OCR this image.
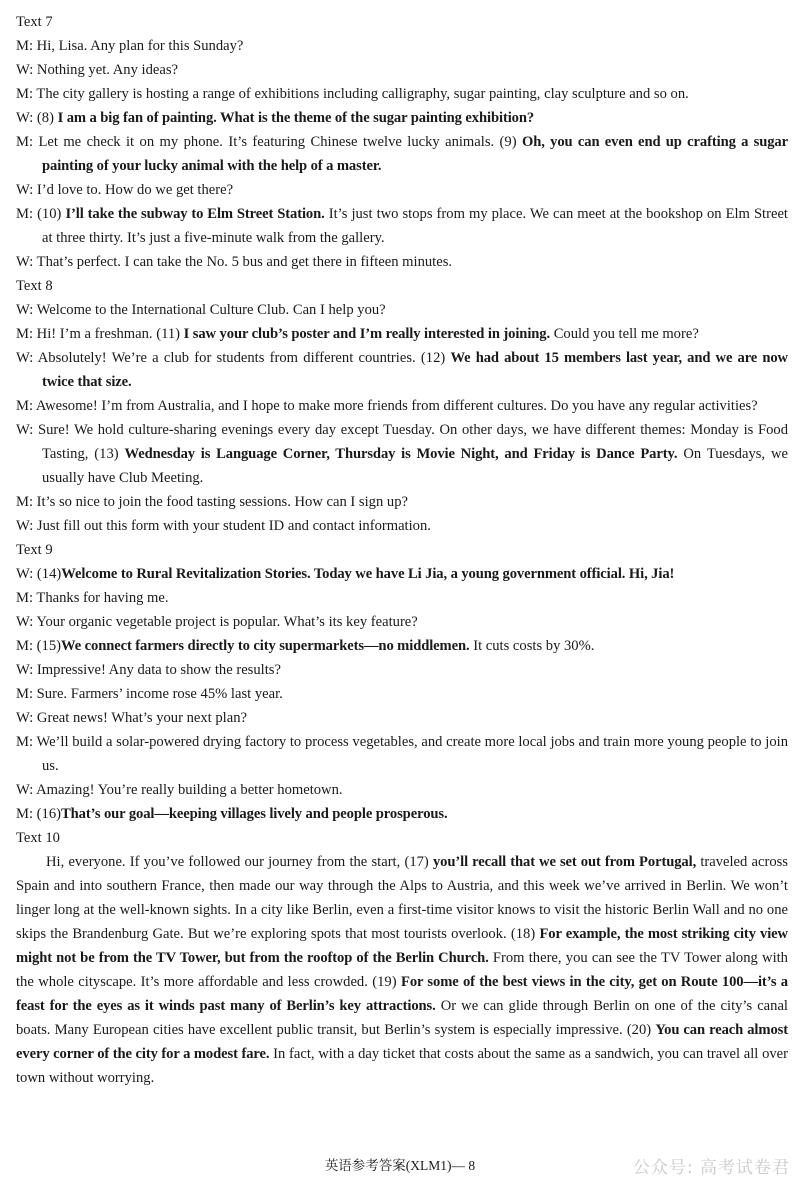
Text 7
M: Hi, Lisa. Any plan for this Sunday?
W: Nothing yet. Any ideas?
M: The city gallery is hosting a range of exhibitions including calligraphy, sugar painting, clay sculpture and so on.
W: (8) I am a big fan of painting. What is the theme of the sugar painting exhibition?
M: Let me check it on my phone. It’s featuring Chinese twelve lucky animals. (9) Oh, you can even end up crafting a sugar painting of your lucky animal with the help of a master.
W: I’d love to. How do we get there?
M: (10) I’ll take the subway to Elm Street Station. It’s just two stops from my place. We can meet at the bookshop on Elm Street at three thirty. It’s just a five-minute walk from the gallery.
W: That’s perfect. I can take the No. 5 bus and get there in fifteen minutes.
Text 8
W: Welcome to the International Culture Club. Can I help you?
M: Hi! I’m a freshman. (11) I saw your club’s poster and I’m really interested in joining. Could you tell me more?
W: Absolutely! We’re a club for students from different countries. (12) We had about 15 members last year, and we are now twice that size.
M: Awesome! I’m from Australia, and I hope to make more friends from different cultures. Do you have any regular activities?
W: Sure! We hold culture-sharing evenings every day except Tuesday. On other days, we have different themes: Monday is Food Tasting, (13) Wednesday is Language Corner, Thursday is Movie Night, and Friday is Dance Party. On Tuesdays, we usually have Club Meeting.
M: It’s so nice to join the food tasting sessions. How can I sign up?
W: Just fill out this form with your student ID and contact information.
Text 9
W: (14)Welcome to Rural Revitalization Stories. Today we have Li Jia, a young government official. Hi, Jia!
M: Thanks for having me.
W: Your organic vegetable project is popular. What’s its key feature?
M: (15)We connect farmers directly to city supermarkets—no middlemen. It cuts costs by 30%.
W: Impressive! Any data to show the results?
M: Sure. Farmers’ income rose 45% last year.
W: Great news! What’s your next plan?
M: We’ll build a solar-powered drying factory to process vegetables, and create more local jobs and train more young people to join us.
W: Amazing! You’re really building a better hometown.
M: (16)That’s our goal—keeping villages lively and people prosperous.
Text 10
Hi, everyone. If you’ve followed our journey from the start, (17) you’ll recall that we set out from Portugal, traveled across Spain and into southern France, then made our way through the Alps to Austria, and this week we’ve arrived in Berlin. We won’t linger long at the well-known sights. In a city like Berlin, even a first-time visitor knows to visit the historic Berlin Wall and no one skips the Brandenburg Gate. But we’re exploring spots that most tourists overlook. (18) For example, the most striking city view might not be from the TV Tower, but from the rooftop of the Berlin Church. From there, you can see the TV Tower along with the whole cityscape. It’s more affordable and less crowded. (19) For some of the best views in the city, get on Route 100—it’s a feast for the eyes as it winds past many of Berlin’s key attractions. Or we can glide through Berlin on one of the city’s canal boats. Many European cities have excellent public transit, but Berlin’s system is especially impressive. (20) You can reach almost every corner of the city for a modest fare. In fact, with a day ticket that costs about the same as a sandwich, you can travel all over town without worrying.
英语参考答案(XLM1)— 8	公众号: 高考试卷君
